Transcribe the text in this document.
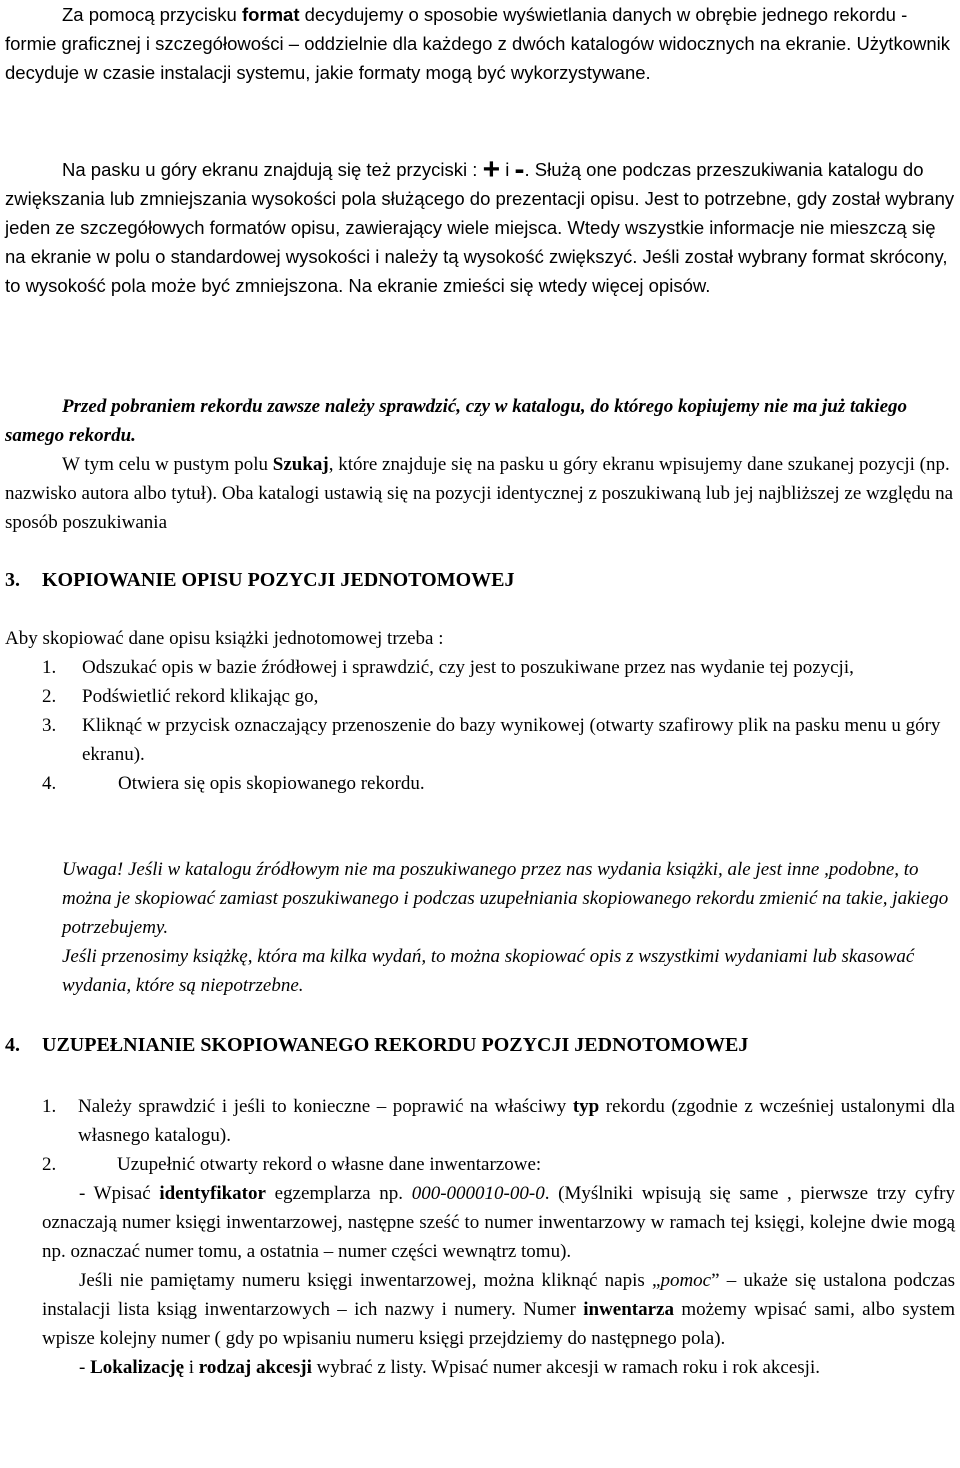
Za pomocą przycisku format decydujemy o sposobie wyświetlania danych w obrębie jednego rekordu - formie graficznej i szczegółowości – oddzielnie dla każdego z dwóch katalogów widocznych na ekranie. Użytkownik decyduje w czasie instalacji systemu, jakie formaty mogą być wykorzystywane.

Na pasku u góry ekranu znajdują się też przyciski : + i -. Służą one podczas przeszukiwania katalogu do zwiększania lub zmniejszania wysokości pola służącego do prezentacji opisu. Jest to potrzebne, gdy został wybrany jeden ze szczegółowych formatów opisu, zawierający wiele miejsca. Wtedy wszystkie informacje nie mieszczą się na ekranie w polu o standardowej wysokości i należy tą wysokość zwiększyć. Jeśli został wybrany format skrócony, to wysokość pola może być zmniejszona. Na ekranie zmieści się wtedy więcej opisów.

Przed pobraniem rekordu zawsze należy sprawdzić, czy w katalogu, do którego kopiujemy nie ma już takiego samego rekordu.
W tym celu w pustym polu Szukaj, które znajduje się na pasku u góry ekranu wpisujemy dane szukanej pozycji (np. nazwisko autora albo tytuł). Oba katalogi ustawią się na pozycji identycznej z poszukiwaną lub jej najbliższej ze względu na sposób poszukiwania

3. KOPIOWANIE OPISU POZYCJI JEDNOTOMOWEJ

Aby skopiować dane opisu książki jednotomowej trzeba :

1. Odszukać opis w bazie źródłowej i sprawdzić, czy jest to poszukiwane przez nas wydanie tej pozycji,
2. Podświetlić rekord klikając go,
3. Kliknąć w przycisk oznaczający przenoszenie do bazy wynikowej (otwarty szafirowy plik na pasku menu u góry ekranu).
4.	Otwiera się opis skopiowanego rekordu.

Uwaga! Jeśli w katalogu źródłowym nie ma poszukiwanego przez nas wydania książki, ale jest inne ,podobne, to można je skopiować zamiast poszukiwanego i podczas uzupełniania skopiowanego rekordu zmienić na takie, jakiego potrzebujemy.
Jeśli przenosimy książkę, która ma kilka wydań, to można skopiować opis z wszystkimi wydaniami lub skasować wydania, które są niepotrzebne.

4. UZUPEŁNIANIE SKOPIOWANEGO REKORDU POZYCJI JEDNOTOMOWEJ
1.	Należy sprawdzić i jeśli to konieczne – poprawić na właściwy typ rekordu (zgodnie z wcześniej ustalonymi dla własnego katalogu).
2.	Uzupełnić otwarty rekord o własne dane inwentarzowe:
- Wpisać identyfikator egzemplarza np. 000-000010-00-0. (Myślniki wpisują się same , pierwsze trzy cyfry oznaczają numer księgi inwentarzowej, następne sześć to numer inwentarzowy w ramach tej księgi, kolejne dwie mogą np. oznaczać numer tomu, a ostatnia – numer części wewnątrz tomu).
Jeśli nie pamiętamy numeru księgi inwentarzowej, można kliknąć napis „pomoc” – ukaże się ustalona podczas instalacji lista ksiąg inwentarzowych – ich nazwy i numery. Numer inwentarza możemy wpisać sami, albo system wpisze kolejny numer ( gdy po wpisaniu numeru księgi przejdziemy do następnego pola).
- Lokalizację i rodzaj akcesji wybrać z listy. Wpisać numer akcesji w ramach roku i rok akcesji.
